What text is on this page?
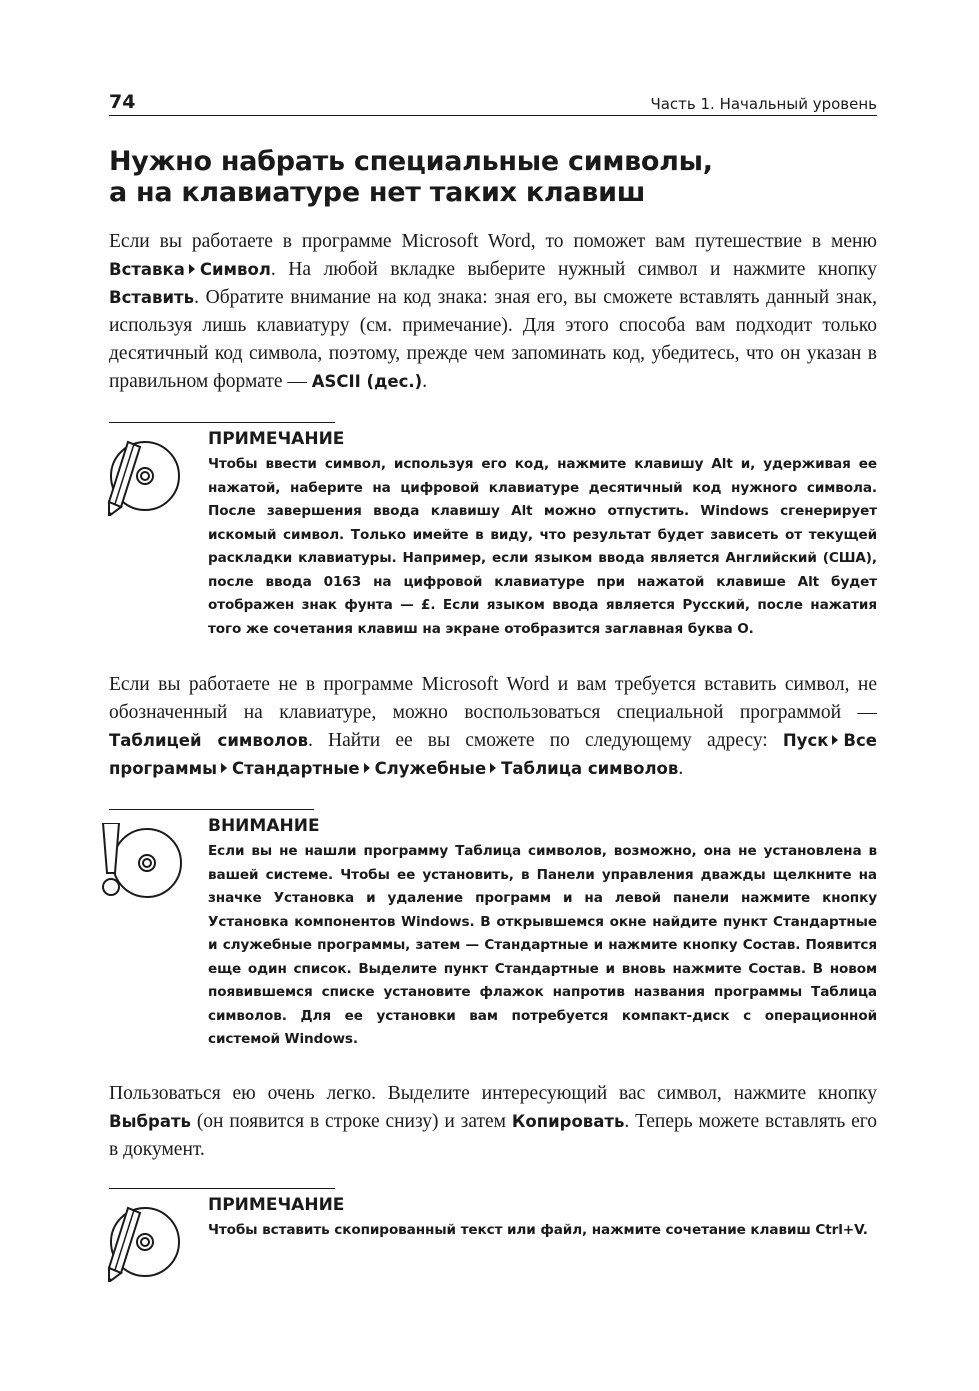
74	Часть 1. Начальный уровень
Нужно набрать специальные символы,
а на клавиатуре нет таких клавиш

Если вы работаете в программе Microsoft Word, то поможет вам путешествие в меню Вставка Символ. На любой вкладке выберите нужный символ и нажмите кнопку Вставить. Обратите внимание на код знака: зная его, вы сможете вставлять данный знак, используя лишь клавиатуру (см. примечание). Для этого способа вам подходит только десятичный код символа, поэтому, прежде чем запоминать код, убедитесь, что он указан в правильном формате — ASCII (дес.).

ПРИМЕЧАНИЕ

Чтобы ввести символ, используя его код, нажмите клавишу Alt и, удерживая ее нажатой, наберите на цифровой клавиатуре десятичный код нужного символа. После завершения ввода клавишу Alt можно отпустить. Windows сгенерирует искомый символ. Только имейте в виду, что результат будет зависеть от текущей раскладки клавиатуры. Например, если языком ввода является Английский (США), после ввода 0163 на цифровой клавиатуре при нажатой клавише Alt будет отображен знак фунта — £. Если языком ввода является Русский, после нажатия того же сочетания клавиш на экране отобразится заглавная буква О.

Если вы работаете не в программе Microsoft Word и вам требуется вставить символ, не обозначенный на клавиатуре, можно воспользоваться специальной программой — Таблицей символов. Найти ее вы сможете по следующему адресу: Пуск Все программы Стандартные Служебные Таблица символов.

ВНИМАНИЕ

Если вы не нашли программу Таблица символов, возможно, она не установлена в вашей системе. Чтобы ее установить, в Панели управления дважды щелкните на значке Установка и удаление программ и на левой панели нажмите кнопку Установка компонентов Windows. В открывшемся окне найдите пункт Стандартные и служебные программы, затем — Стандартные и нажмите кнопку Состав. Появится еще один список. Выделите пункт Стандартные и вновь нажмите Состав. В новом появившемся списке установите флажок напротив названия программы Таблица символов. Для ее установки вам потребуется компакт-диск с операционной системой Windows.

Пользоваться ею очень легко. Выделите интересующий вас символ, нажмите кнопку Выбрать (он появится в строке снизу) и затем Копировать. Теперь можете вставлять его в документ.

ПРИМЕЧАНИЕ

Чтобы вставить скопированный текст или файл, нажмите сочетание клавиш Ctrl+V.
